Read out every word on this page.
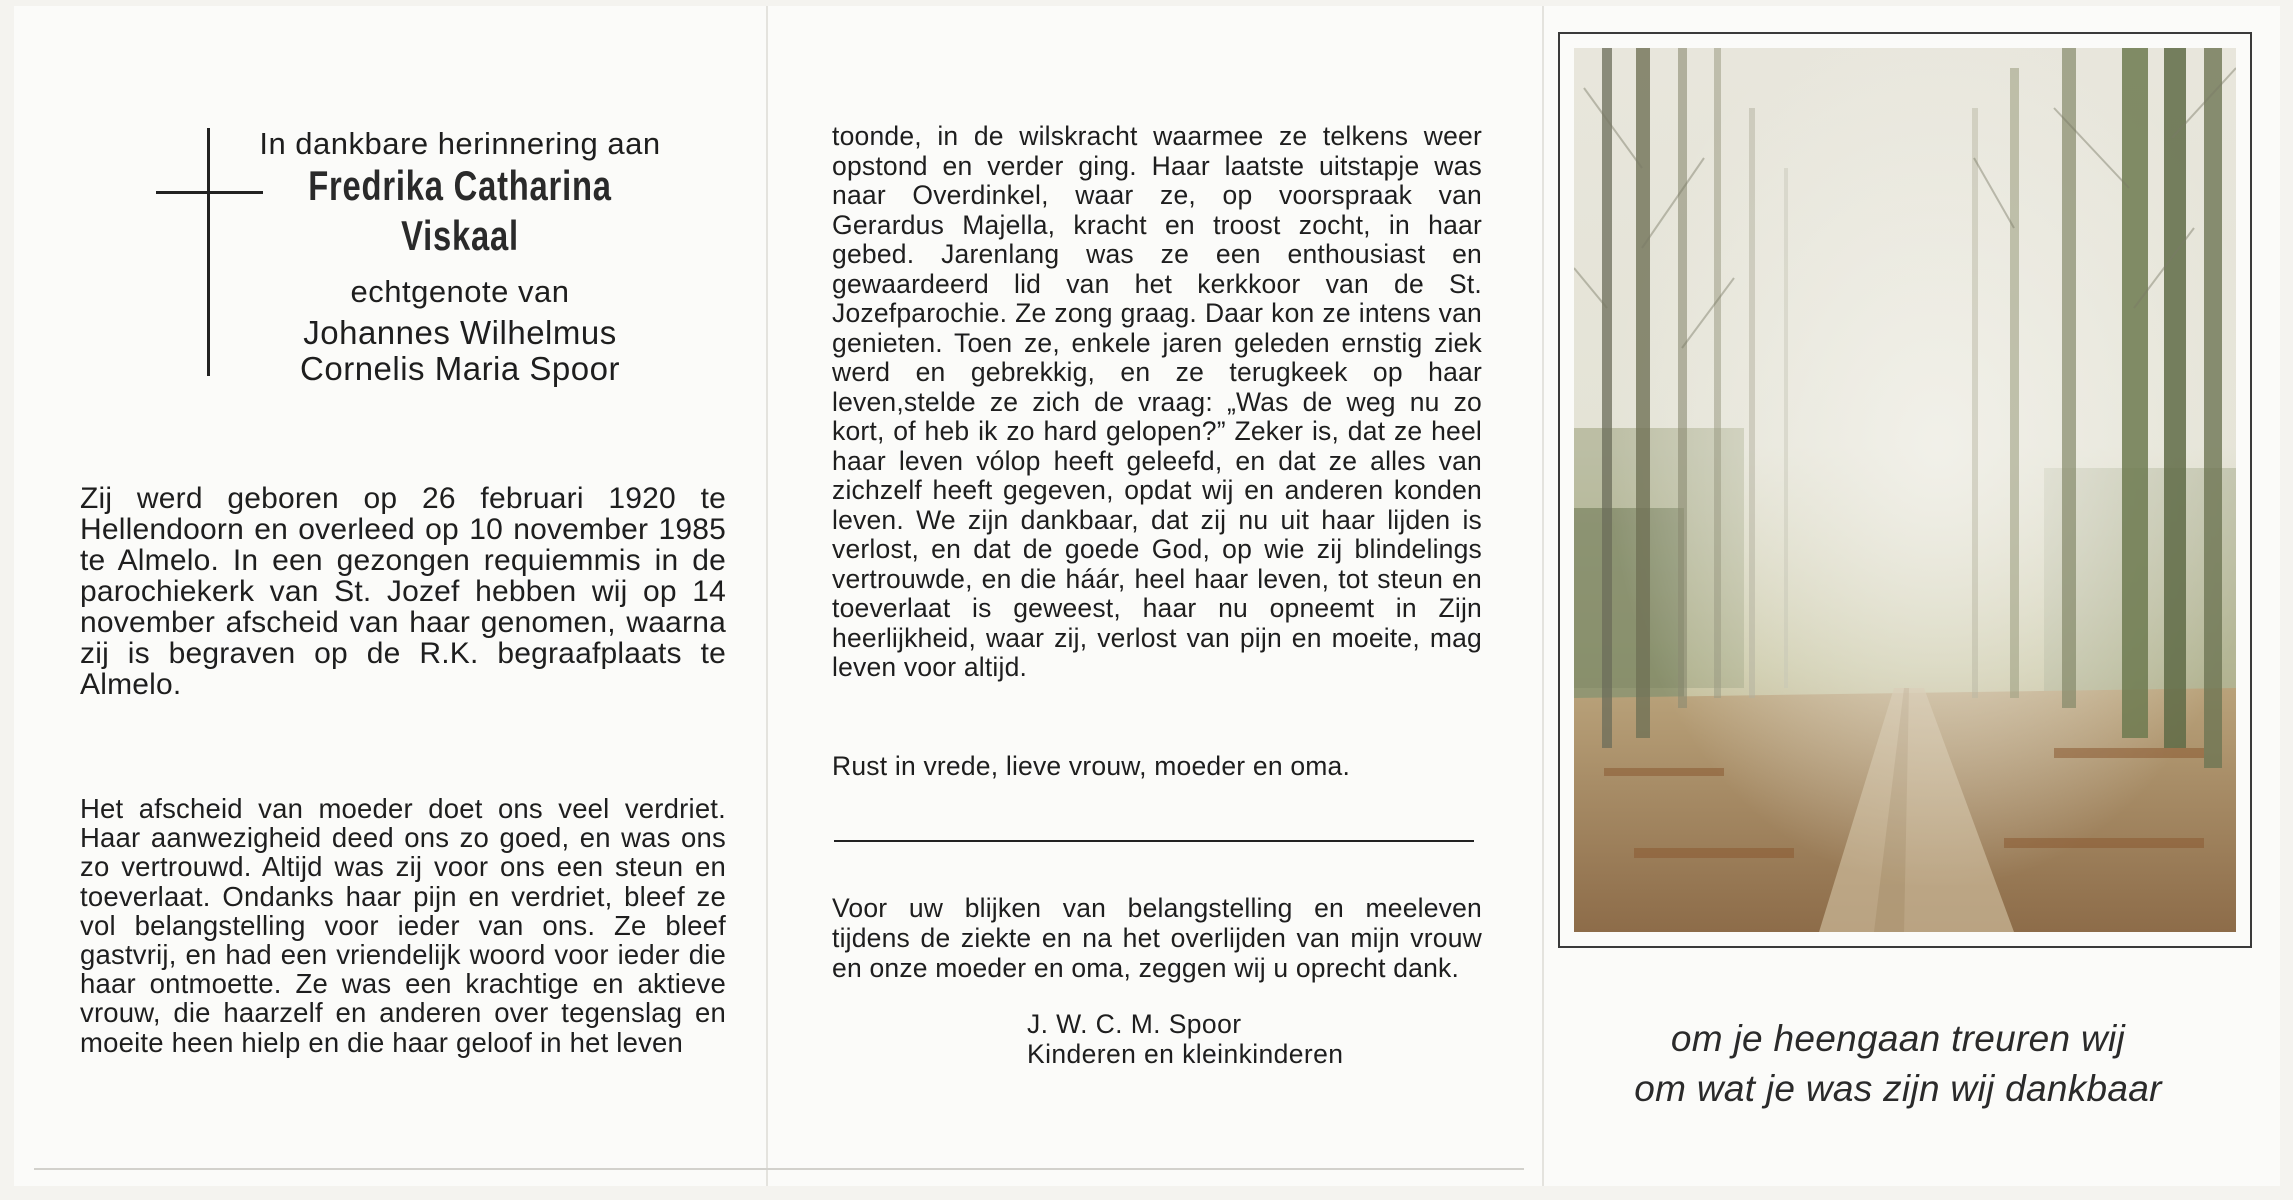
In dankbare herinnering aan
Fredrika Catharina
Viskaal
echtgenote van
Johannes Wilhelmus
Cornelis Maria Spoor
Zij werd geboren op 26 februari 1920 te Hellendoorn en overleed op 10 november 1985 te Almelo. In een gezongen requiemmis in de parochiekerk van St. Jozef hebben wij op 14 november afscheid van haar genomen, waarna zij is begraven op de R.K. begraafplaats te Almelo.
Het afscheid van moeder doet ons veel verdriet. Haar aanwezigheid deed ons zo goed, en was ons zo vertrouwd. Altijd was zij voor ons een steun en toeverlaat. Ondanks haar pijn en verdriet, bleef ze vol belangstelling voor ieder van ons. Ze bleef gastvrij, en had een vriendelijk woord voor ieder die haar ontmoette. Ze was een krachtige en aktieve vrouw, die haarzelf en anderen over tegenslag en moeite heen hielp en die haar geloof in het leven
toonde, in de wilskracht waarmee ze telkens weer opstond en verder ging. Haar laatste uitstapje was naar Overdinkel, waar ze, op voorspraak van Gerardus Majella, kracht en troost zocht, in haar gebed. Jarenlang was ze een enthousiast en gewaardeerd lid van het kerkkoor van de St. Jozefparochie. Ze zong graag. Daar kon ze intens van genieten. Toen ze, enkele jaren geleden ernstig ziek werd en gebrekkig, en ze terugkeek op haar leven,stelde ze zich de vraag: „Was de weg nu zo kort, of heb ik zo hard gelopen?” Zeker is, dat ze heel haar leven vólop heeft geleefd, en dat ze alles van zichzelf heeft gegeven, opdat wij en anderen konden leven. We zijn dankbaar, dat zij nu uit haar lijden is verlost, en dat de goede God, op wie zij blindelings vertrouwde, en die háár, heel haar leven, tot steun en toeverlaat is geweest, haar nu opneemt in Zijn heerlijkheid, waar zij, verlost van pijn en moeite, mag leven voor altijd.
Rust in vrede, lieve vrouw, moeder en oma.
Voor uw blijken van belangstelling en meeleven tijdens de ziekte en na het overlijden van mijn vrouw en onze moeder en oma, zeggen wij u oprecht dank.
J. W. C. M. Spoor
Kinderen en kleinkinderen	om je heengaan treuren wij
om wat je was zijn wij dankbaar
